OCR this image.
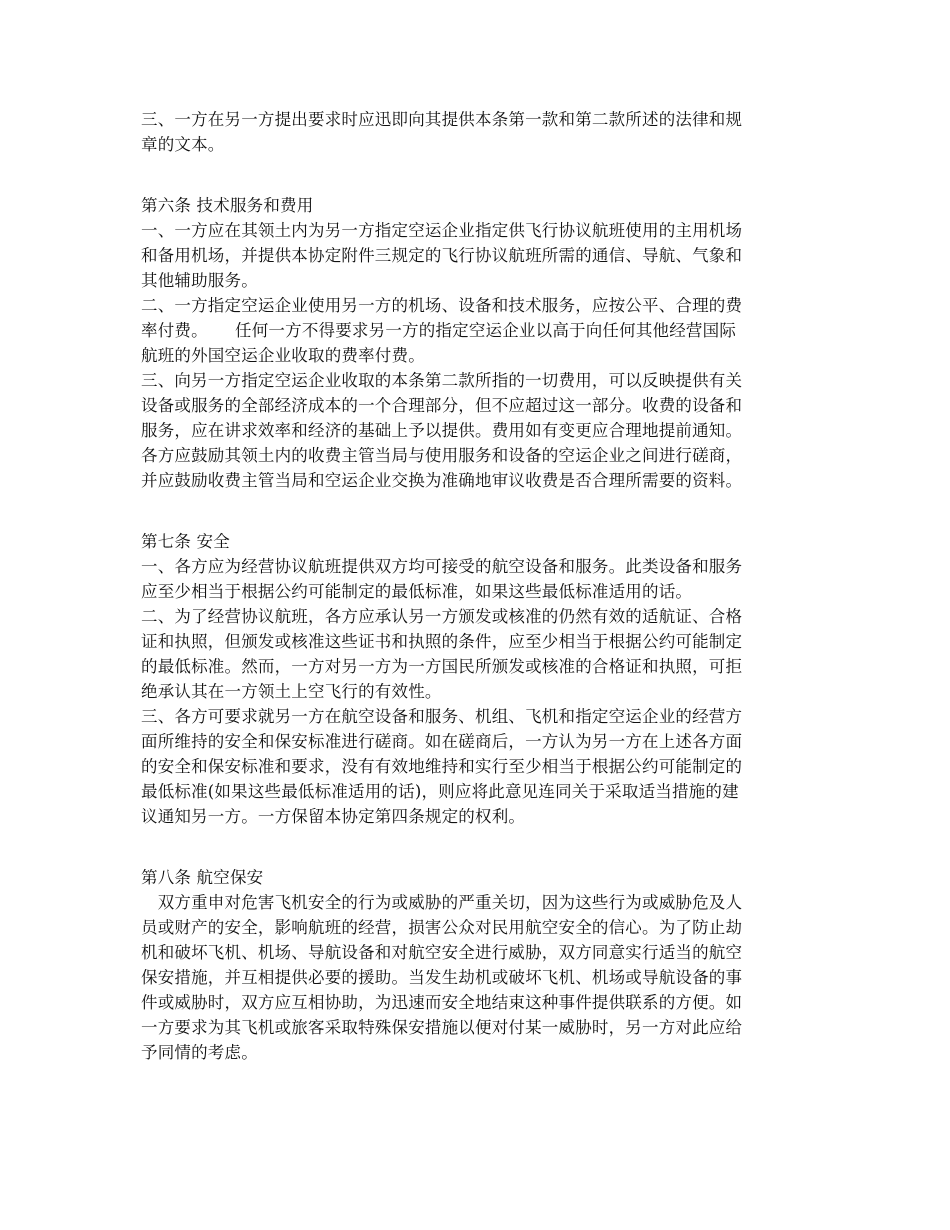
三、一方在另一方提出要求时应迅即向其提供本条第一款和第二款所述的法律和规
章的文本。
第六条 技术服务和费用
一、一方应在其领土内为另一方指定空运企业指定供飞行协议航班使用的主用机场
和备用机场，并提供本协定附件三规定的飞行协议航班所需的通信、导航、气象和
其他辅助服务。
二、一方指定空运企业使用另一方的机场、设备和技术服务，应按公平、合理的费
率付费。     任何一方不得要求另一方的指定空运企业以高于向任何其他经营国际
航班的外国空运企业收取的费率付费。
三、向另一方指定空运企业收取的本条第二款所指的一切费用，可以反映提供有关
设备或服务的全部经济成本的一个合理部分，但不应超过这一部分。收费的设备和
服务，应在讲求效率和经济的基础上予以提供。费用如有变更应合理地提前通知。
各方应鼓励其领土内的收费主管当局与使用服务和设备的空运企业之间进行磋商，
并应鼓励收费主管当局和空运企业交换为准确地审议收费是否合理所需要的资料。
第七条 安全
一、各方应为经营协议航班提供双方均可接受的航空设备和服务。此类设备和服务
应至少相当于根据公约可能制定的最低标准，如果这些最低标准适用的话。
二、为了经营协议航班，各方应承认另一方颁发或核准的仍然有效的适航证、合格
证和执照，但颁发或核准这些证书和执照的条件，应至少相当于根据公约可能制定
的最低标准。然而，一方对另一方为一方国民所颁发或核准的合格证和执照，可拒
绝承认其在一方领土上空飞行的有效性。
三、各方可要求就另一方在航空设备和服务、机组、飞机和指定空运企业的经营方
面所维持的安全和保安标准进行磋商。如在磋商后，一方认为另一方在上述各方面
的安全和保安标准和要求，没有有效地维持和实行至少相当于根据公约可能制定的
最低标准(如果这些最低标准适用的话)，则应将此意见连同关于采取适当措施的建
议通知另一方。一方保留本协定第四条规定的权利。
第八条 航空保安
　双方重申对危害飞机安全的行为或威胁的严重关切，因为这些行为或威胁危及人
员或财产的安全，影响航班的经营，损害公众对民用航空安全的信心。为了防止劫
机和破坏飞机、机场、导航设备和对航空安全进行威胁，双方同意实行适当的航空
保安措施，并互相提供必要的援助。当发生劫机或破坏飞机、机场或导航设备的事
件或威胁时，双方应互相协助，为迅速而安全地结束这种事件提供联系的方便。如
一方要求为其飞机或旅客采取特殊保安措施以便对付某一威胁时，另一方对此应给
予同情的考虑。
